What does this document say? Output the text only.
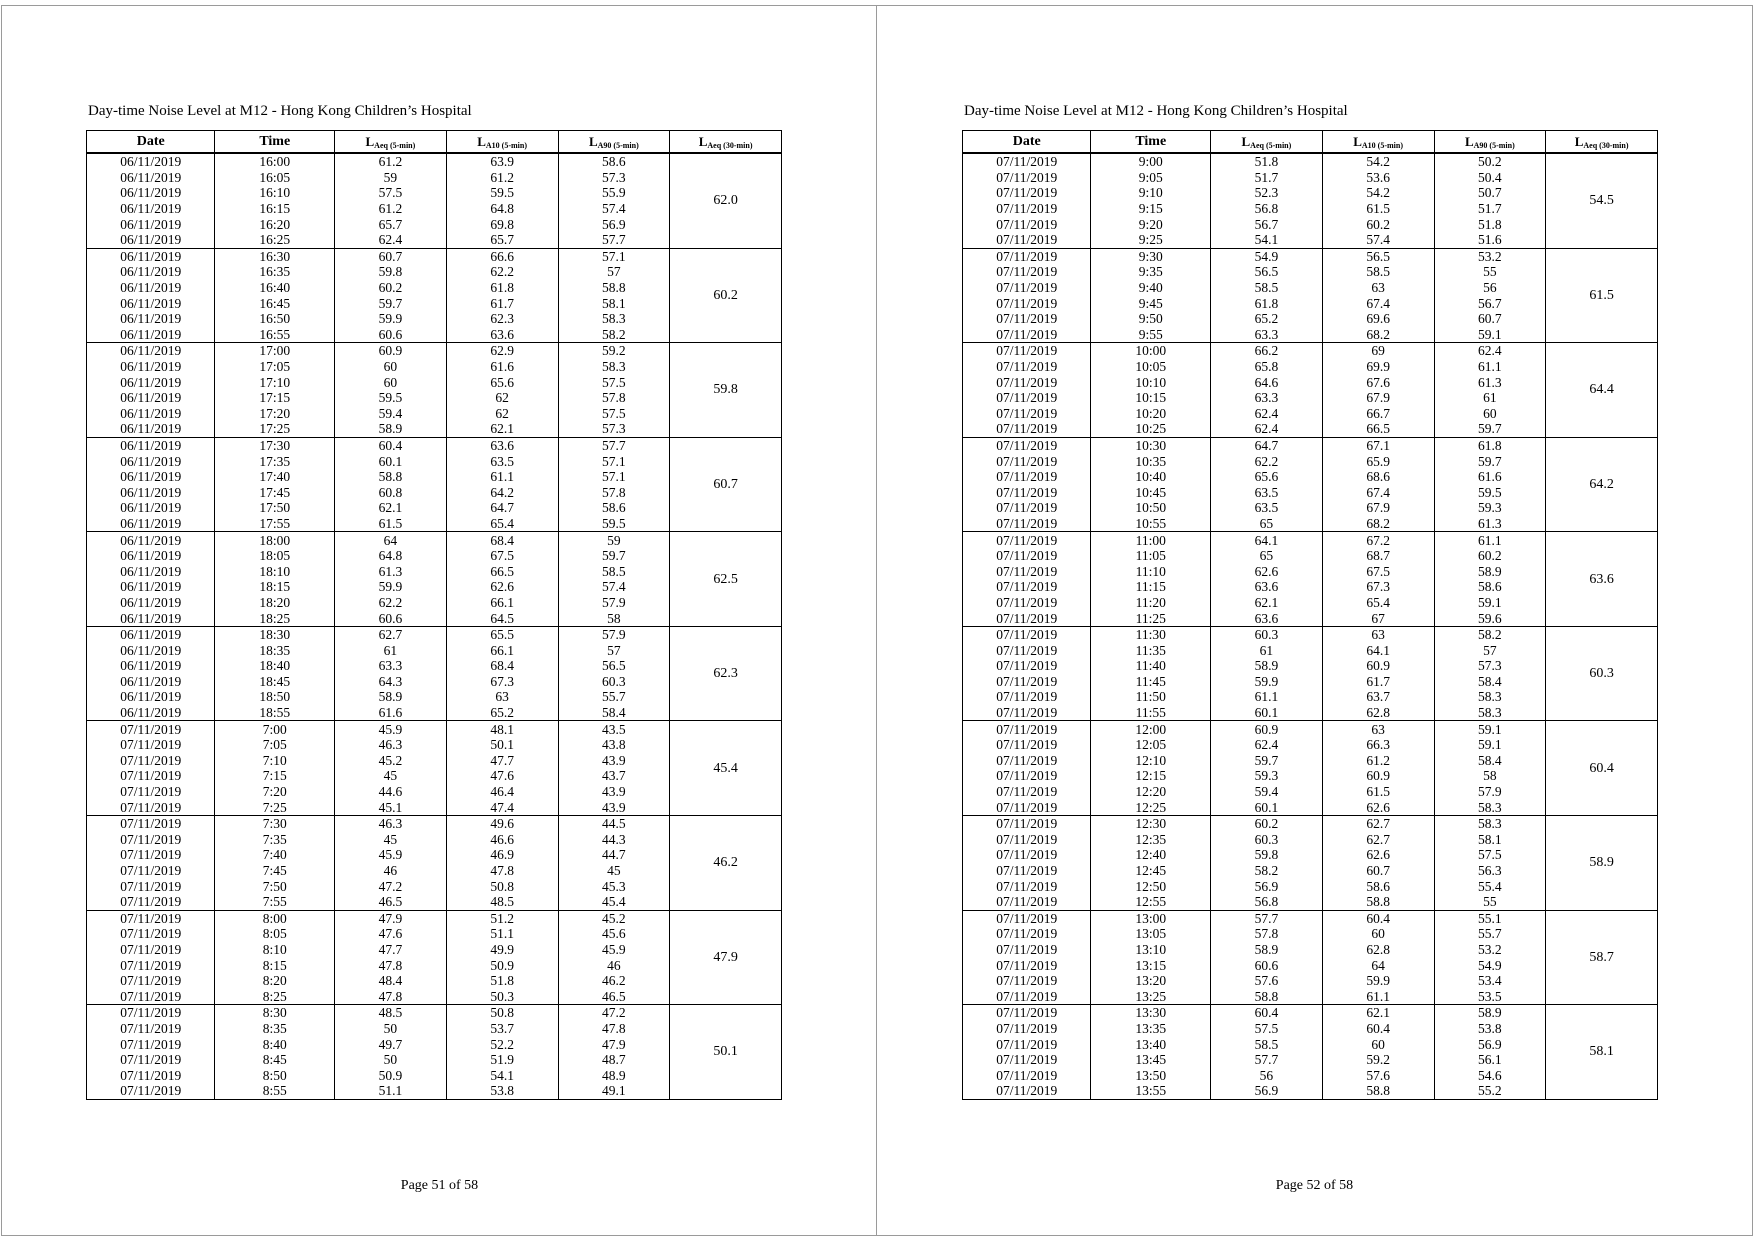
Day-time Noise Level at M12 - Hong Kong Children’s Hospital
Date	Time	$L_{Aeq (5-min)}$	$L_{A10 (5-min)}$	$L_{A90 (5-min)}$	$L_{Aeq (30-min)}$
06/11/2019	16:00	61.2	63.9	58.6	62.0
06/11/2019	16:05	59	61.2	57.3	
06/11/2019	16:10	57.5	59.5	55.9	
06/11/2019	16:15	61.2	64.8	57.4	
06/11/2019	16:20	65.7	69.8	56.9	
06/11/2019	16:25	62.4	65.7	57.7	
06/11/2019	16:30	60.7	66.6	57.1	60.2
06/11/2019	16:35	59.8	62.2	57	
06/11/2019	16:40	60.2	61.8	58.8	
06/11/2019	16:45	59.7	61.7	58.1	
06/11/2019	16:50	59.9	62.3	58.3	
06/11/2019	16:55	60.6	63.6	58.2	
06/11/2019	17:00	60.9	62.9	59.2	59.8
06/11/2019	17:05	60	61.6	58.3	
06/11/2019	17:10	60	65.6	57.5	
06/11/2019	17:15	59.5	62	57.8	
06/11/2019	17:20	59.4	62	57.5	
06/11/2019	17:25	58.9	62.1	57.3	
06/11/2019	17:30	60.4	63.6	57.7	60.7
06/11/2019	17:35	60.1	63.5	57.1	
06/11/2019	17:40	58.8	61.1	57.1	
06/11/2019	17:45	60.8	64.2	57.8	
06/11/2019	17:50	62.1	64.7	58.6	
06/11/2019	17:55	61.5	65.4	59.5	
06/11/2019	18:00	64	68.4	59	62.5
06/11/2019	18:05	64.8	67.5	59.7	
06/11/2019	18:10	61.3	66.5	58.5	
06/11/2019	18:15	59.9	62.6	57.4	
06/11/2019	18:20	62.2	66.1	57.9	
06/11/2019	18:25	60.6	64.5	58	
06/11/2019	18:30	62.7	65.5	57.9	62.3
06/11/2019	18:35	61	66.1	57	
06/11/2019	18:40	63.3	68.4	56.5	
06/11/2019	18:45	64.3	67.3	60.3	
06/11/2019	18:50	58.9	63	55.7	
06/11/2019	18:55	61.6	65.2	58.4	
07/11/2019	7:00	45.9	48.1	43.5	45.4
07/11/2019	7:05	46.3	50.1	43.8	
07/11/2019	7:10	45.2	47.7	43.9	
07/11/2019	7:15	45	47.6	43.7	
07/11/2019	7:20	44.6	46.4	43.9	
07/11/2019	7:25	45.1	47.4	43.9	
07/11/2019	7:30	46.3	49.6	44.5	46.2
07/11/2019	7:35	45	46.6	44.3	
07/11/2019	7:40	45.9	46.9	44.7	
07/11/2019	7:45	46	47.8	45	
07/11/2019	7:50	47.2	50.8	45.3	
07/11/2019	7:55	46.5	48.5	45.4	
07/11/2019	8:00	47.9	51.2	45.2	47.9
07/11/2019	8:05	47.6	51.1	45.6	
07/11/2019	8:10	47.7	49.9	45.9	
07/11/2019	8:15	47.8	50.9	46	
07/11/2019	8:20	48.4	51.8	46.2	
07/11/2019	8:25	47.8	50.3	46.5	
07/11/2019	8:30	48.5	50.8	47.2	50.1
07/11/2019	8:35	50	53.7	47.8	
07/11/2019	8:40	49.7	52.2	47.9	
07/11/2019	8:45	50	51.9	48.7	
07/11/2019	8:50	50.9	54.1	48.9	
07/11/2019	8:55	51.1	53.8	49.1	
Page 51 of 58
Day-time Noise Level at M12 - Hong Kong Children’s Hospital
Date	Time	$L_{Aeq (5-min)}$	$L_{A10 (5-min)}$	$L_{A90 (5-min)}$	$L_{Aeq (30-min)}$
07/11/2019	9:00	51.8	54.2	50.2	54.5
07/11/2019	9:05	51.7	53.6	50.4	
07/11/2019	9:10	52.3	54.2	50.7	
07/11/2019	9:15	56.8	61.5	51.7	
07/11/2019	9:20	56.7	60.2	51.8	
07/11/2019	9:25	54.1	57.4	51.6	
07/11/2019	9:30	54.9	56.5	53.2	61.5
07/11/2019	9:35	56.5	58.5	55	
07/11/2019	9:40	58.5	63	56	
07/11/2019	9:45	61.8	67.4	56.7	
07/11/2019	9:50	65.2	69.6	60.7	
07/11/2019	9:55	63.3	68.2	59.1	
07/11/2019	10:00	66.2	69	62.4	64.4
07/11/2019	10:05	65.8	69.9	61.1	
07/11/2019	10:10	64.6	67.6	61.3	
07/11/2019	10:15	63.3	67.9	61	
07/11/2019	10:20	62.4	66.7	60	
07/11/2019	10:25	62.4	66.5	59.7	
07/11/2019	10:30	64.7	67.1	61.8	64.2
07/11/2019	10:35	62.2	65.9	59.7	
07/11/2019	10:40	65.6	68.6	61.6	
07/11/2019	10:45	63.5	67.4	59.5	
07/11/2019	10:50	63.5	67.9	59.3	
07/11/2019	10:55	65	68.2	61.3	
07/11/2019	11:00	64.1	67.2	61.1	63.6
07/11/2019	11:05	65	68.7	60.2	
07/11/2019	11:10	62.6	67.5	58.9	
07/11/2019	11:15	63.6	67.3	58.6	
07/11/2019	11:20	62.1	65.4	59.1	
07/11/2019	11:25	63.6	67	59.6	
07/11/2019	11:30	60.3	63	58.2	60.3
07/11/2019	11:35	61	64.1	57	
07/11/2019	11:40	58.9	60.9	57.3	
07/11/2019	11:45	59.9	61.7	58.4	
07/11/2019	11:50	61.1	63.7	58.3	
07/11/2019	11:55	60.1	62.8	58.3	
07/11/2019	12:00	60.9	63	59.1	60.4
07/11/2019	12:05	62.4	66.3	59.1	
07/11/2019	12:10	59.7	61.2	58.4	
07/11/2019	12:15	59.3	60.9	58	
07/11/2019	12:20	59.4	61.5	57.9	
07/11/2019	12:25	60.1	62.6	58.3	
07/11/2019	12:30	60.2	62.7	58.3	58.9
07/11/2019	12:35	60.3	62.7	58.1	
07/11/2019	12:40	59.8	62.6	57.5	
07/11/2019	12:45	58.2	60.7	56.3	
07/11/2019	12:50	56.9	58.6	55.4	
07/11/2019	12:55	56.8	58.8	55	
07/11/2019	13:00	57.7	60.4	55.1	58.7
07/11/2019	13:05	57.8	60	55.7	
07/11/2019	13:10	58.9	62.8	53.2	
07/11/2019	13:15	60.6	64	54.9	
07/11/2019	13:20	57.6	59.9	53.4	
07/11/2019	13:25	58.8	61.1	53.5	
07/11/2019	13:30	60.4	62.1	58.9	58.1
07/11/2019	13:35	57.5	60.4	53.8	
07/11/2019	13:40	58.5	60	56.9	
07/11/2019	13:45	57.7	59.2	56.1	
07/11/2019	13:50	56	57.6	54.6	
07/11/2019	13:55	56.9	58.8	55.2	
Page 52 of 58
